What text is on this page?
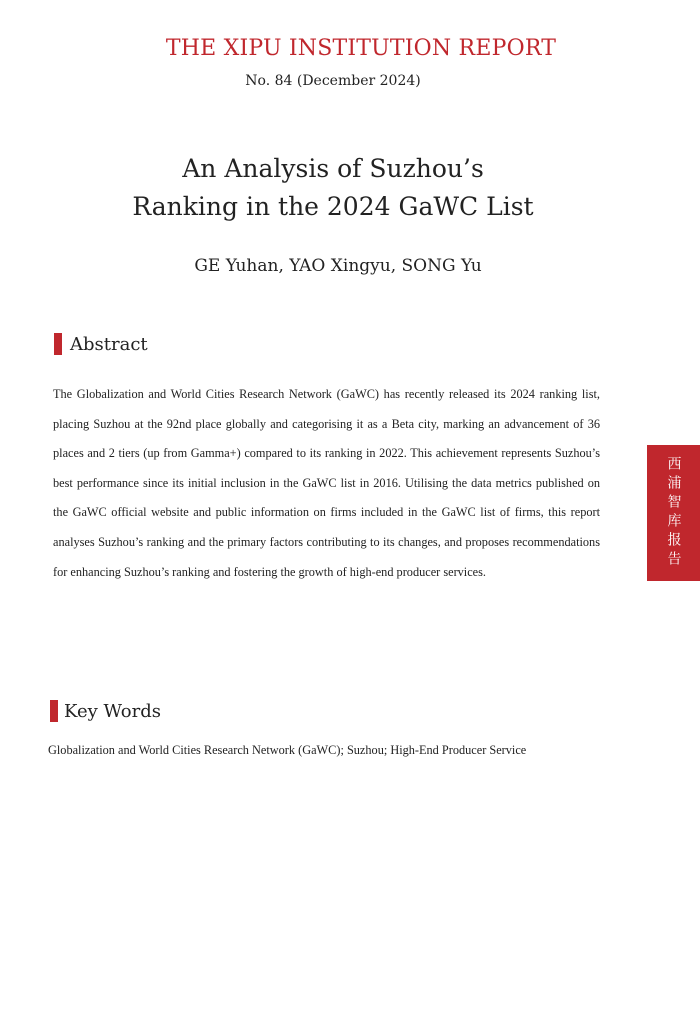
THE XIPU INSTITUTION REPORT
No. 84 (December 2024)
An Analysis of Suzhou’s
Ranking in the 2024 GaWC List
GE Yuhan, YAO Xingyu, SONG Yu
Abstract
The Globalization and World Cities Research Network (GaWC) has recently released its 2024 ranking list, placing Suzhou at the 92nd place globally and categorising it as a Beta city, marking an advancement of 36 places and 2 tiers (up from Gamma+) compared to its ranking in 2022. This achievement represents Suzhou’s best performance since its initial inclusion in the GaWC list in 2016. Utilising the data metrics published on the GaWC official website and public information on firms included in the GaWC list of firms, this report analyses Suzhou’s ranking and the primary factors contributing to its changes, and proposes recommendations for enhancing Suzhou’s ranking and fostering the growth of high-end producer services.
Key Words
Globalization and World Cities Research Network (GaWC); Suzhou; High-End Producer Service
西浦智库报告
